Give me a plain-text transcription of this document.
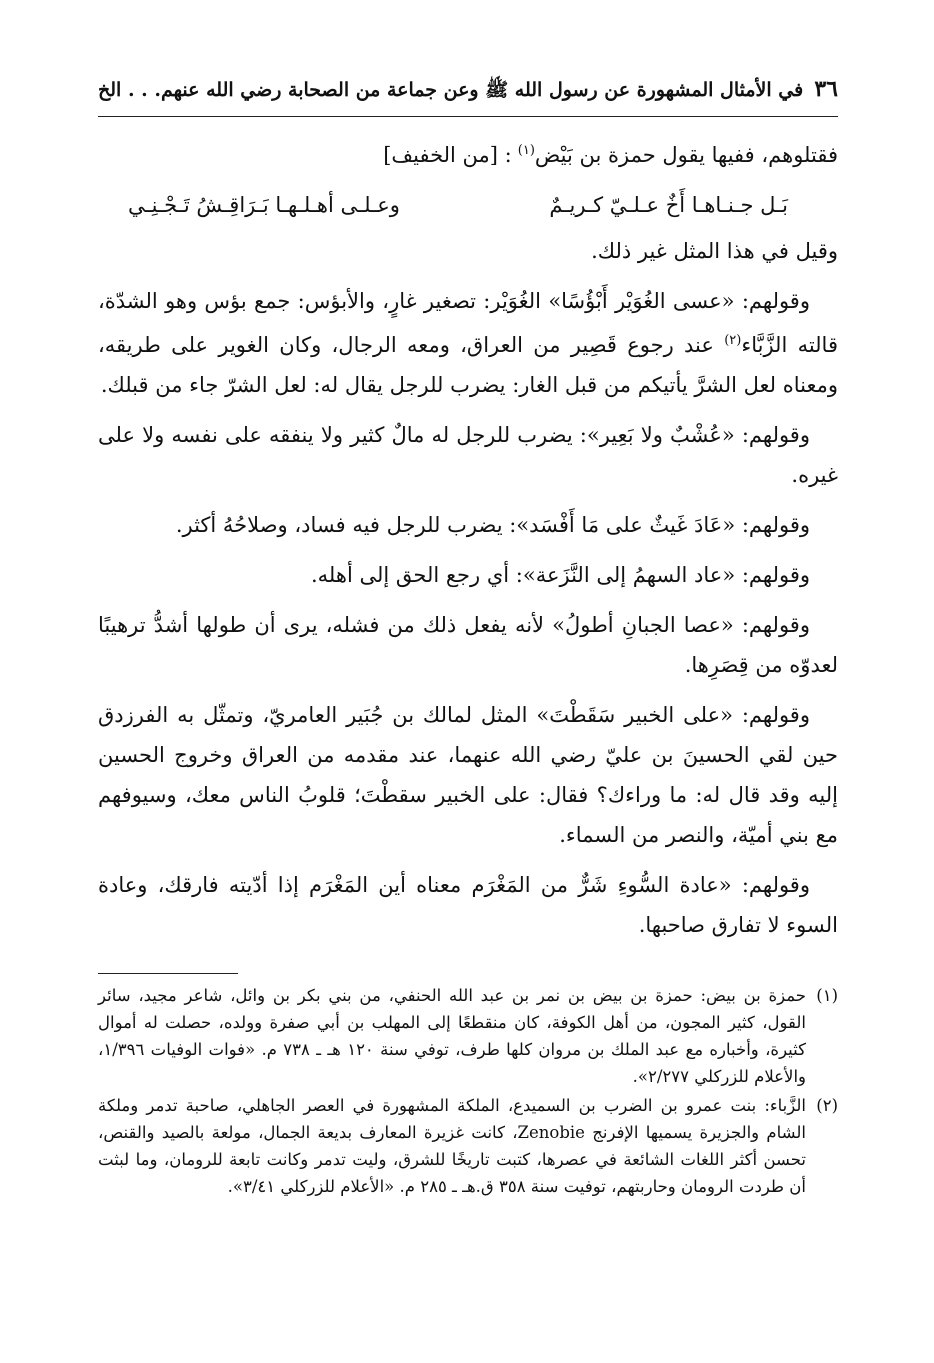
٣٦
في الأمثال المشهورة عن رسول الله ﷺ وعن جماعة من الصحابة رضي الله عنهم. . . الخ

فقتلوهم، ففيها يقول حمزة بن بَيْض$^{(١)}$: [من الخفيف]

بَـل جـنـاهـا أَخٌ عـلـيّ كـريـمٌ
وعـلـى أهـلـهـا بَـرَاقِـشُ تَـجْـنِـي

وقيل في هذا المثل غير ذلك.

وقولهم: «عسى الغُوَيْر أَبْؤُسًا» الغُوَيْر: تصغير غارٍ، والأبؤس: جمع بؤس وهو الشدّة، قالته الزَّبَّاء$^{(٢)}$ عند رجوع قَصِير من العراق، ومعه الرجال، وكان الغوير على طريقه، ومعناه لعل الشرَّ يأتيكم من قبل الغار: يضرب للرجل يقال له: لعل الشرّ جاء من قبلك.

وقولهم: «عُشْبٌ ولا بَعِير»: يضرب للرجل له مالٌ كثير ولا ينفقه على نفسه ولا على غيره.

وقولهم: «عَادَ غَيثٌ على مَا أَفْسَد»: يضرب للرجل فيه فساد، وصلاحُهُ أكثر.

وقولهم: «عاد السهمُ إلى النَّزَعة»: أي رجع الحق إلى أهله.

وقولهم: «عصا الجبانِ أطولُ» لأنه يفعل ذلك من فشله، يرى أن طولها أشدُّ ترهيبًا لعدوّه من قِصَرِها.

وقولهم: «على الخبير سَقَطْتَ» المثل لمالك بن جُبَير العامريّ، وتمثّل به الفرزدق حين لقي الحسينَ بن عليّ رضي الله عنهما، عند مقدمه من العراق وخروج الحسين إليه وقد قال له: ما وراءك؟ فقال: على الخبير سقطْتَ؛ قلوبُ الناس معك، وسيوفهم مع بني أميّة، والنصر من السماء.

وقولهم: «عادة السُّوءِ شَرٌّ من المَغْرَم معناه أين المَغْرَم إذا أدّيته فارقك، وعادة السوء لا تفارق صاحبها.

(١)
حمزة بن بيض: حمزة بن بيض بن نمر بن عبد الله الحنفي، من بني بكر بن وائل، شاعر مجيد، سائر القول، كثير المجون، من أهل الكوفة، كان منقطعًا إلى المهلب بن أبي صفرة وولده، حصلت له أموال كثيرة، وأخباره مع عبد الملك بن مروان كلها طرف، توفي سنة ١٢٠ هـ ـ ٧٣٨ م. «فوات الوفيات ١/٣٩٦، والأعلام للزركلي ٢/٢٧٧».
(٢)
الزَّباء: بنت عمرو بن الضرب بن السميدع، الملكة المشهورة في العصر الجاهلي، صاحبة تدمر وملكة الشام والجزيرة يسميها الإفرنج Zenobie، كانت غزيرة المعارف بديعة الجمال، مولعة بالصيد والقنص، تحسن أكثر اللغات الشائعة في عصرها، كتبت تاريخًا للشرق، وليت تدمر وكانت تابعة للرومان، وما لبثت أن طردت الرومان وحاربتهم، توفيت سنة ٣٥٨ ق.هـ ـ ٢٨٥ م. «الأعلام للزركلي ٣/٤١».
